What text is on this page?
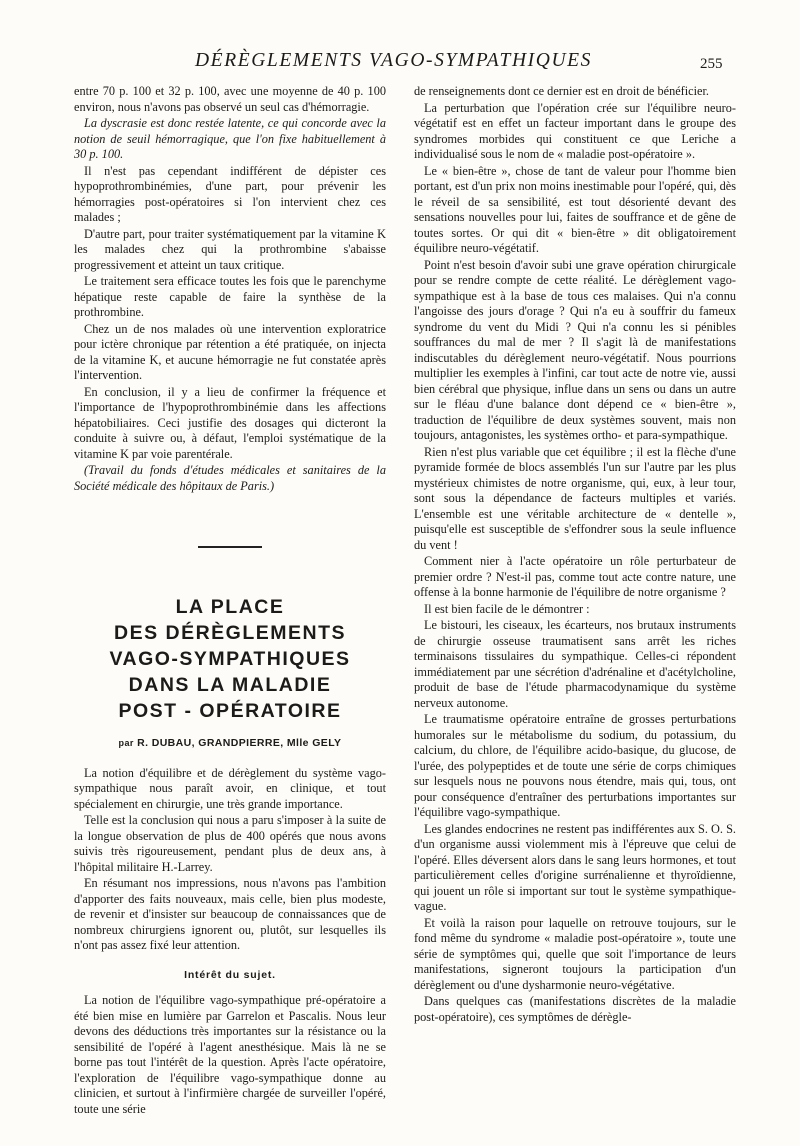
DÉRÈGLEMENTS VAGO-SYMPATHIQUES	255

entre 70 p. 100 et 32 p. 100, avec une moyenne de 40 p. 100 environ, nous n'avons pas observé un seul cas d'hémorragie.

La dyscrasie est donc restée latente, ce qui concorde avec la notion de seuil hémorragique, que l'on fixe habituellement à 30 p. 100.

Il n'est pas cependant indifférent de dépister ces hypoprothrombinémies, d'une part, pour prévenir les hémorragies post-opératoires si l'on intervient chez ces malades ;

D'autre part, pour traiter systématiquement par la vitamine K les malades chez qui la prothrombine s'abaisse progressivement et atteint un taux critique.

Le traitement sera efficace toutes les fois que le parenchyme hépatique reste capable de faire la synthèse de la prothrombine.

Chez un de nos malades où une intervention exploratrice pour ictère chronique par rétention a été pratiquée, on injecta de la vitamine K, et aucune hémorragie ne fut constatée après l'intervention.

En conclusion, il y a lieu de confirmer la fréquence et l'importance de l'hypoprothrombinémie dans les affections hépatobiliaires. Ceci justifie des dosages qui dicteront la conduite à suivre ou, à défaut, l'emploi systématique de la vitamine K par voie parentérale.

(Travail du fonds d'études médicales et sanitaires de la Société médicale des hôpitaux de Paris.)

LA PLACE
DES DÉRÈGLEMENTS
VAGO-SYMPATHIQUES
DANS LA MALADIE
POST - OPÉRATOIRE
par R. DUBAU, GRANDPIERRE, Mlle GELY

La notion d'équilibre et de dérèglement du système vago-sympathique nous paraît avoir, en clinique, et tout spécialement en chirurgie, une très grande importance.

Telle est la conclusion qui nous a paru s'imposer à la suite de la longue observation de plus de 400 opérés que nous avons suivis très rigoureusement, pendant plus de deux ans, à l'hôpital militaire H.-Larrey.

En résumant nos impressions, nous n'avons pas l'ambition d'apporter des faits nouveaux, mais celle, bien plus modeste, de revenir et d'insister sur beaucoup de connaissances que de nombreux chirurgiens ignorent ou, plutôt, sur lesquelles ils n'ont pas assez fixé leur attention.

Intérêt du sujet.

La notion de l'équilibre vago-sympathique pré-opératoire a été bien mise en lumière par Garrelon et Pascalis. Nous leur devons des déductions très importantes sur la résistance ou la sensibilité de l'opéré à l'agent anesthésique. Mais là ne se borne pas tout l'intérêt de la question. Après l'acte opératoire, l'exploration de l'équilibre vago-sympathique donne au clinicien, et surtout à l'infirmière chargée de surveiller l'opéré, toute une série

de renseignements dont ce dernier est en droit de bénéficier.

La perturbation que l'opération crée sur l'équilibre neuro-végétatif est en effet un facteur important dans le groupe des syndromes morbides qui constituent ce que Leriche a individualisé sous le nom de « maladie post-opératoire ».

Le « bien-être », chose de tant de valeur pour l'homme bien portant, est d'un prix non moins inestimable pour l'opéré, qui, dès le réveil de sa sensibilité, est tout désorienté devant des sensations nouvelles pour lui, faites de souffrance et de gêne de toutes sortes. Or qui dit « bien-être » dit obligatoirement équilibre neuro-végétatif.

Point n'est besoin d'avoir subi une grave opération chirurgicale pour se rendre compte de cette réalité. Le dérèglement vago-sympathique est à la base de tous ces malaises. Qui n'a connu l'angoisse des jours d'orage ? Qui n'a eu à souffrir du fameux syndrome du vent du Midi ? Qui n'a connu les si pénibles souffrances du mal de mer ? Il s'agit là de manifestations indiscutables du dérèglement neuro-végétatif. Nous pourrions multiplier les exemples à l'infini, car tout acte de notre vie, aussi bien cérébral que physique, influe dans un sens ou dans un autre sur le fléau d'une balance dont dépend ce « bien-être », traduction de l'équilibre de deux systèmes souvent, mais non toujours, antagonistes, les systèmes ortho- et para-sympathique.

Rien n'est plus variable que cet équilibre ; il est la flèche d'une pyramide formée de blocs assemblés l'un sur l'autre par les plus mystérieux chimistes de notre organisme, qui, eux, à leur tour, sont sous la dépendance de facteurs multiples et variés. L'ensemble est une véritable architecture de « dentelle », puisqu'elle est susceptible de s'effondrer sous la seule influence du vent !

Comment nier à l'acte opératoire un rôle perturbateur de premier ordre ? N'est-il pas, comme tout acte contre nature, une offense à la bonne harmonie de l'équilibre de notre organisme ?

Il est bien facile de le démontrer :

Le bistouri, les ciseaux, les écarteurs, nos brutaux instruments de chirurgie osseuse traumatisent sans arrêt les riches terminaisons tissulaires du sympathique. Celles-ci répondent immédiatement par une sécrétion d'adrénaline et d'acétylcholine, produit de base de l'étude pharmacodynamique du système nerveux autonome.

Le traumatisme opératoire entraîne de grosses perturbations humorales sur le métabolisme du sodium, du potassium, du calcium, du chlore, de l'équilibre acido-basique, du glucose, de l'urée, des polypeptides et de toute une série de corps chimiques sur lesquels nous ne pouvons nous étendre, mais qui, tous, ont pour conséquence d'entraîner des perturbations importantes sur l'équilibre vago-sympathique.

Les glandes endocrines ne restent pas indifférentes aux S. O. S. d'un organisme aussi violemment mis à l'épreuve que celui de l'opéré. Elles déversent alors dans le sang leurs hormones, et tout particulièrement celles d'origine surrénalienne et thyroïdienne, qui jouent un rôle si important sur tout le système sympathique-vague.

Et voilà la raison pour laquelle on retrouve toujours, sur le fond même du syndrome « maladie post-opératoire », toute une série de symptômes qui, quelle que soit l'importance de leurs manifestations, signeront toujours la participation d'un dérèglement ou d'une dysharmonie neuro-végétative.

Dans quelques cas (manifestations discrètes de la maladie post-opératoire), ces symptômes de dérègle-
